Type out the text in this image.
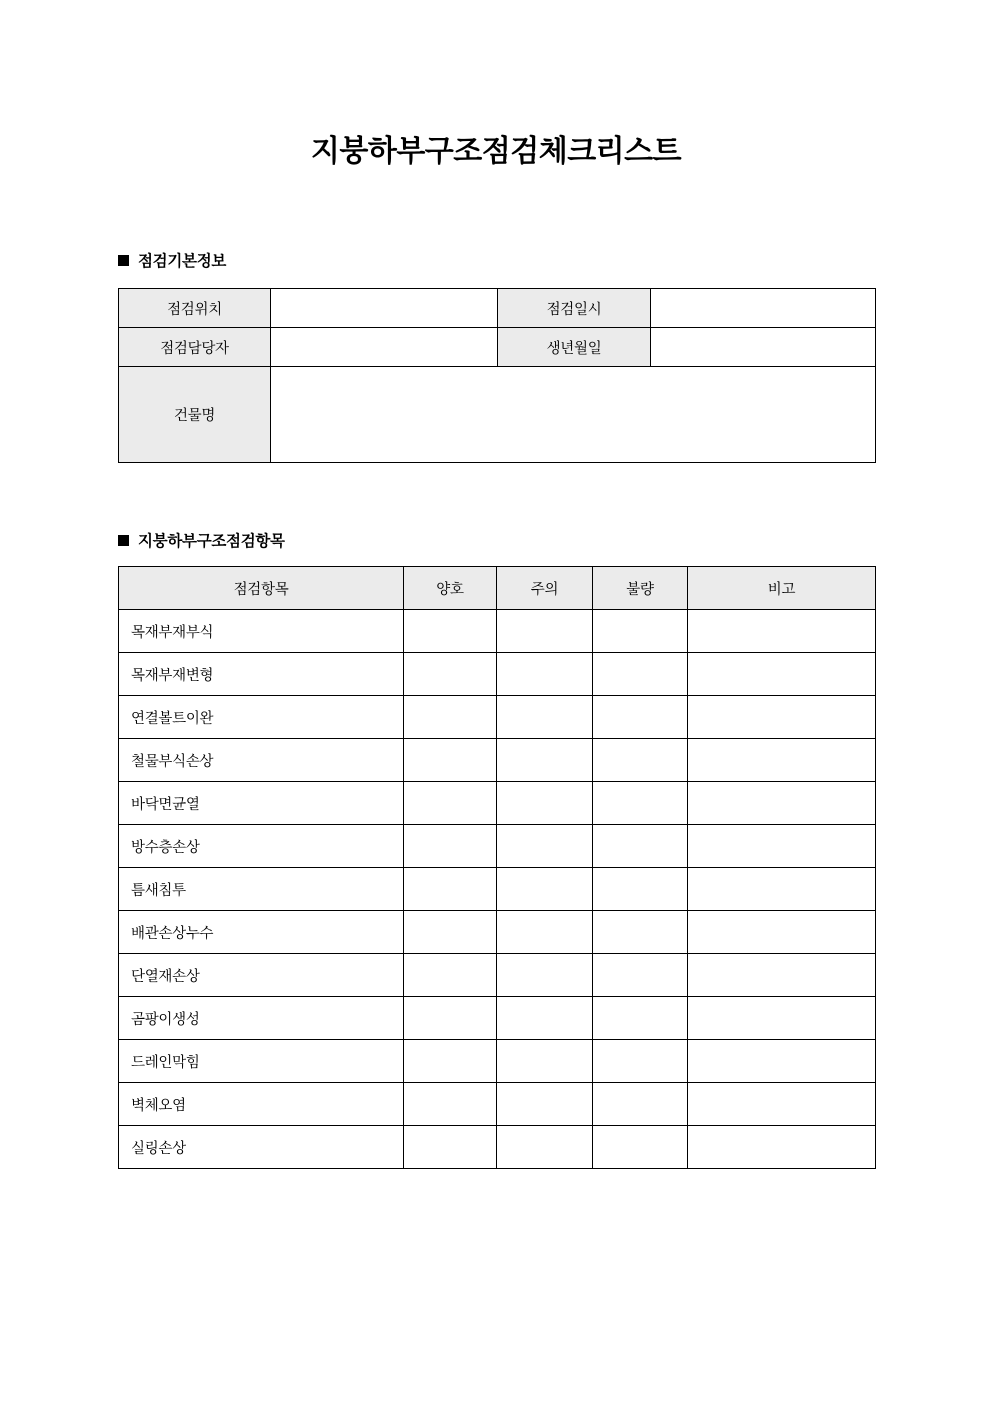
지붕하부구조점검체크리스트
점검기본정보
점검위치		점검일시	
점검담당자		생년월일	
건물명			
지붕하부구조점검항목
점검항목	양호	주의	불량	비고
목재부재부식				
목재부재변형				
연결볼트이완				
철물부식손상				
바닥면균열				
방수층손상				
틈새침투				
배관손상누수				
단열재손상				
곰팡이생성				
드레인막힘				
벽체오염				
실링손상				
